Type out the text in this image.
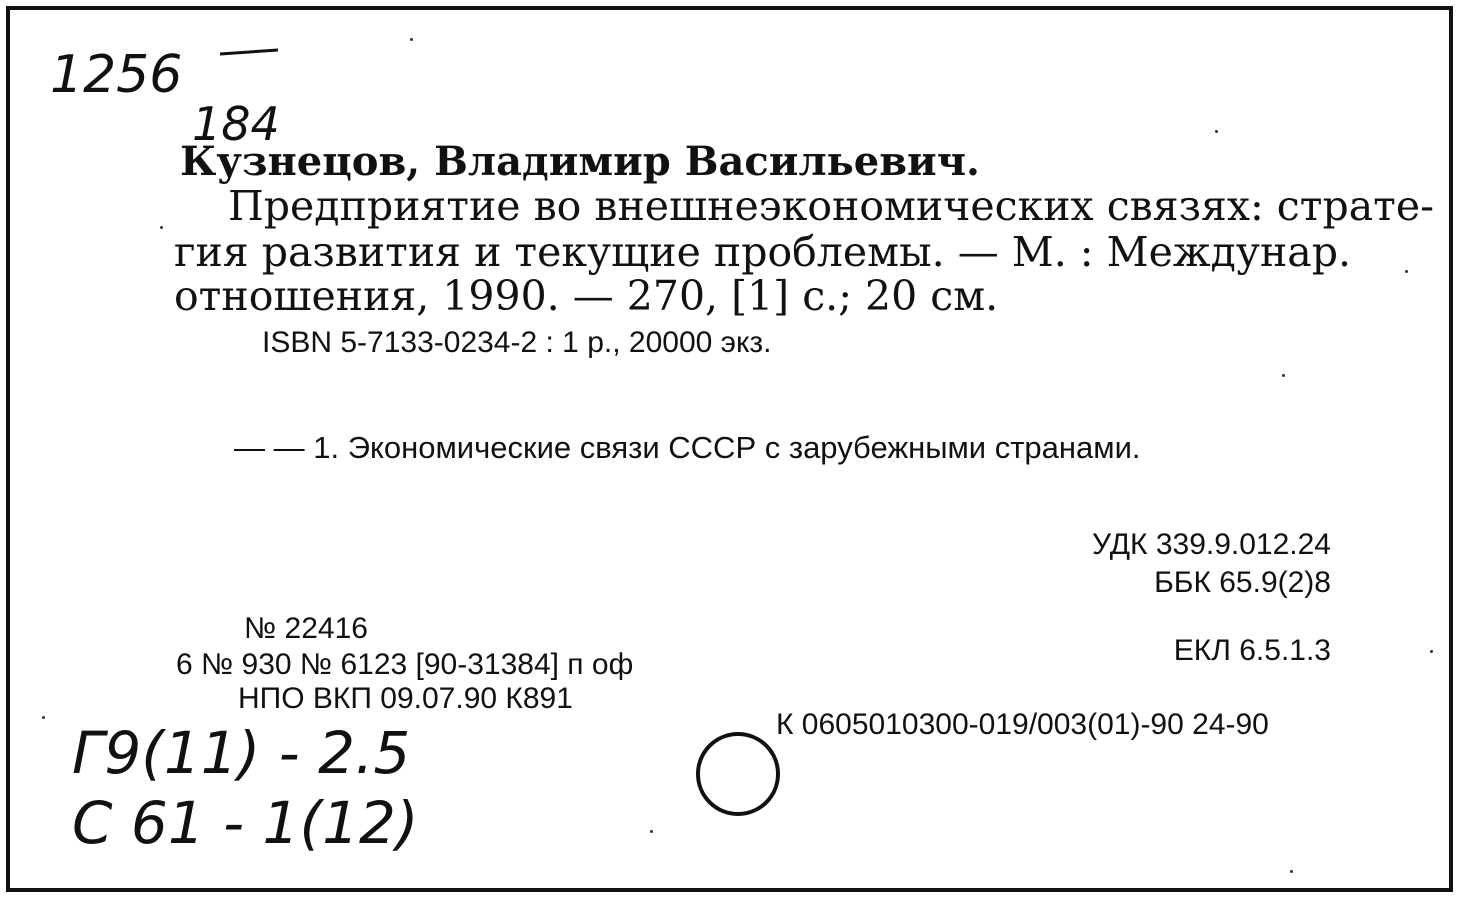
1256
184

Кузнецов, Владимир Васильевич.

Предприятие во внешнеэкономических связях: страте-

гия развития и текущие проблемы. — М. : Междунар.

отношения, 1990. — 270, [1] с.; 20 см.

ISBN 5-7133-0234-2 : 1 р., 20000 экз.

— — 1. Экономические связи СССР с зарубежными странами.

УДК 339.9.012.24

ББК 65.9(2)8

ЕКЛ 6.5.1.3

№ 22416

6 № 930 № 6123 [90-31384] п оф

НПО ВКП 09.07.90 К891

К 0605010300-019/003(01)-90 24-90

Г9(11) - 2.5

С 61 - 1(12)
